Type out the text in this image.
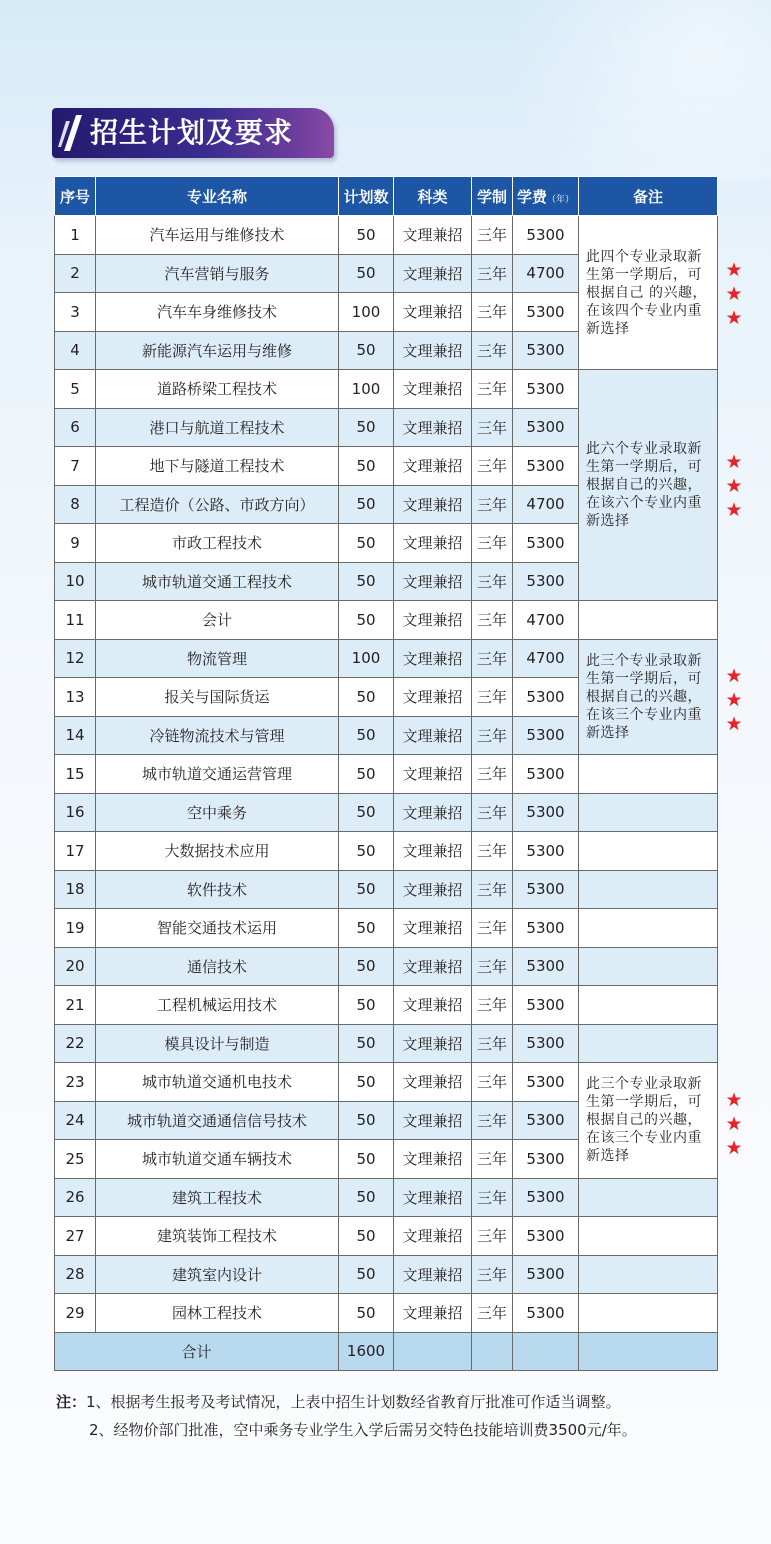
招生计划及要求
序号	专业名称	计划数	科类	学制	学费（年）	备注
1	汽车运用与维修技术	50	文理兼招	三年	5300	此四个专业录取新生第一学期后，可根据自己 的兴趣，在该四个专业内重新选择
2	汽车营销与服务	50	文理兼招	三年	4700	
3	汽车车身维修技术	100	文理兼招	三年	5300	
4	新能源汽车运用与维修	50	文理兼招	三年	5300	
5	道路桥梁工程技术	100	文理兼招	三年	5300	此六个专业录取新生第一学期后，可根据自己的兴趣，在该六个专业内重新选择
6	港口与航道工程技术	50	文理兼招	三年	5300	
7	地下与隧道工程技术	50	文理兼招	三年	5300	
8	工程造价（公路、市政方向）	50	文理兼招	三年	4700	
9	市政工程技术	50	文理兼招	三年	5300	
10	城市轨道交通工程技术	50	文理兼招	三年	5300	
11	会计	50	文理兼招	三年	4700	
12	物流管理	100	文理兼招	三年	4700	此三个专业录取新生第一学期后，可根据自己的兴趣，在该三个专业内重新选择
13	报关与国际货运	50	文理兼招	三年	5300	
14	冷链物流技术与管理	50	文理兼招	三年	5300	
15	城市轨道交通运营管理	50	文理兼招	三年	5300	
16	空中乘务	50	文理兼招	三年	5300	
17	大数据技术应用	50	文理兼招	三年	5300	
18	软件技术	50	文理兼招	三年	5300	
19	智能交通技术运用	50	文理兼招	三年	5300	
20	通信技术	50	文理兼招	三年	5300	
21	工程机械运用技术	50	文理兼招	三年	5300	
22	模具设计与制造	50	文理兼招	三年	5300	
23	城市轨道交通机电技术	50	文理兼招	三年	5300	此三个专业录取新生第一学期后，可根据自己的兴趣，在该三个专业内重新选择
24	城市轨道交通通信信号技术	50	文理兼招	三年	5300	
25	城市轨道交通车辆技术	50	文理兼招	三年	5300	
26	建筑工程技术	50	文理兼招	三年	5300	
27	建筑装饰工程技术	50	文理兼招	三年	5300	
28	建筑室内设计	50	文理兼招	三年	5300	
29	园林工程技术	50	文理兼招	三年	5300	
合计		1600				
★
★
★
★
★
★
★
★
★
★
★
★
注：1、根据考生报考及考试情况，上表中招生计划数经省教育厅批准可作适当调整。
2、经物价部门批准，空中乘务专业学生入学后需另交特色技能培训费3500元/年。
